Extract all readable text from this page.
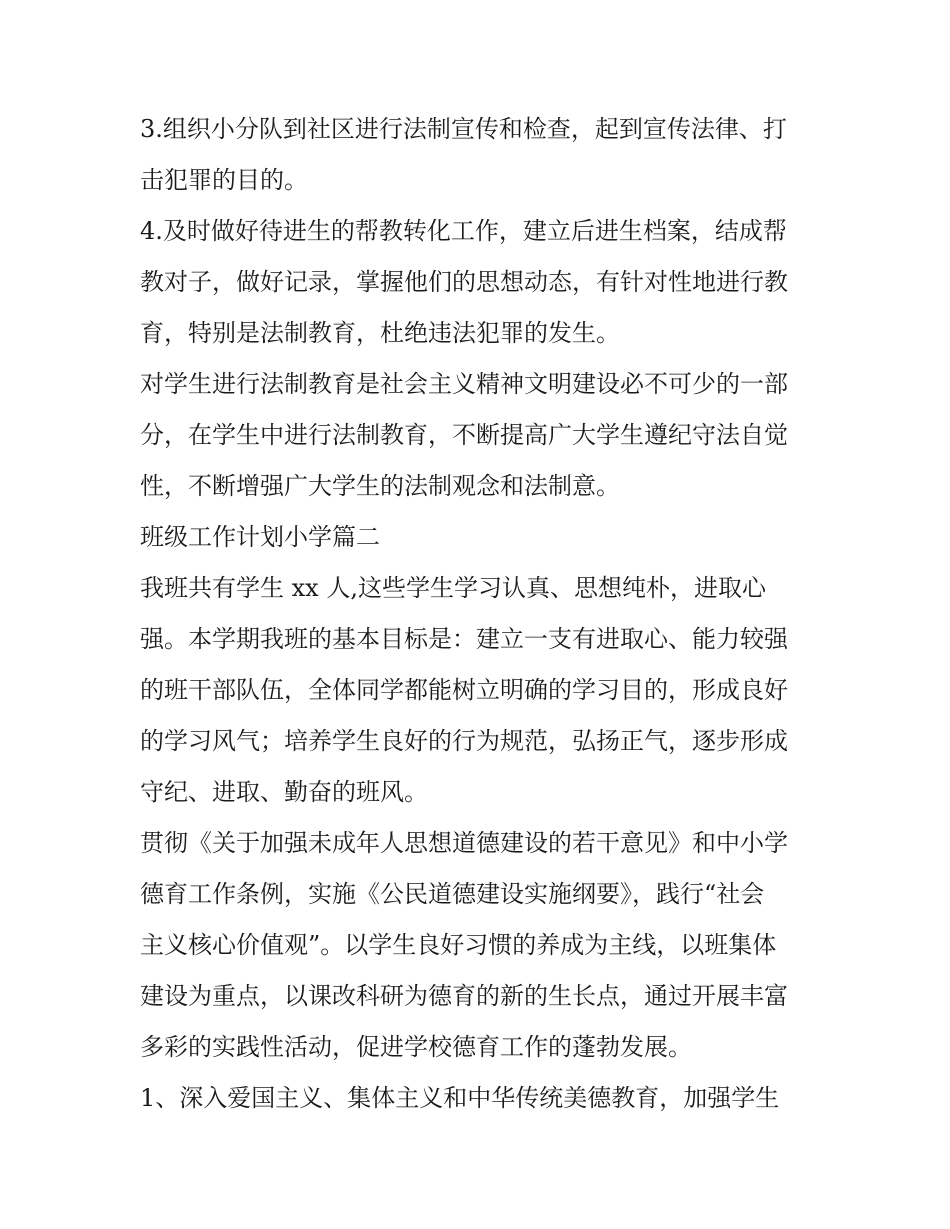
3.组织小分队到社区进行法制宣传和检查，起到宣传法律、打
击犯罪的目的。
4.及时做好待进生的帮教转化工作，建立后进生档案，结成帮
教对子，做好记录，掌握他们的思想动态，有针对性地进行教
育，特别是法制教育，杜绝违法犯罪的发生。
对学生进行法制教育是社会主义精神文明建设必不可少的一部
分，在学生中进行法制教育，不断提高广大学生遵纪守法自觉
性，不断增强广大学生的法制观念和法制意。
班级工作计划小学篇二
我班共有学生 xx 人,这些学生学习认真、思想纯朴，进取心
强。本学期我班的基本目标是：建立一支有进取心、能力较强
的班干部队伍，全体同学都能树立明确的学习目的，形成良好
的学习风气；培养学生良好的行为规范，弘扬正气，逐步形成
守纪、进取、勤奋的班风。
贯彻《关于加强未成年人思想道德建设的若干意见》和中小学
德育工作条例，实施《公民道德建设实施纲要》，践行“社会
主义核心价值观”。以学生良好习惯的养成为主线，以班集体
建设为重点，以课改科研为德育的新的生长点，通过开展丰富
多彩的实践性活动，促进学校德育工作的蓬勃发展。
1、深入爱国主义、集体主义和中华传统美德教育，加强学生
